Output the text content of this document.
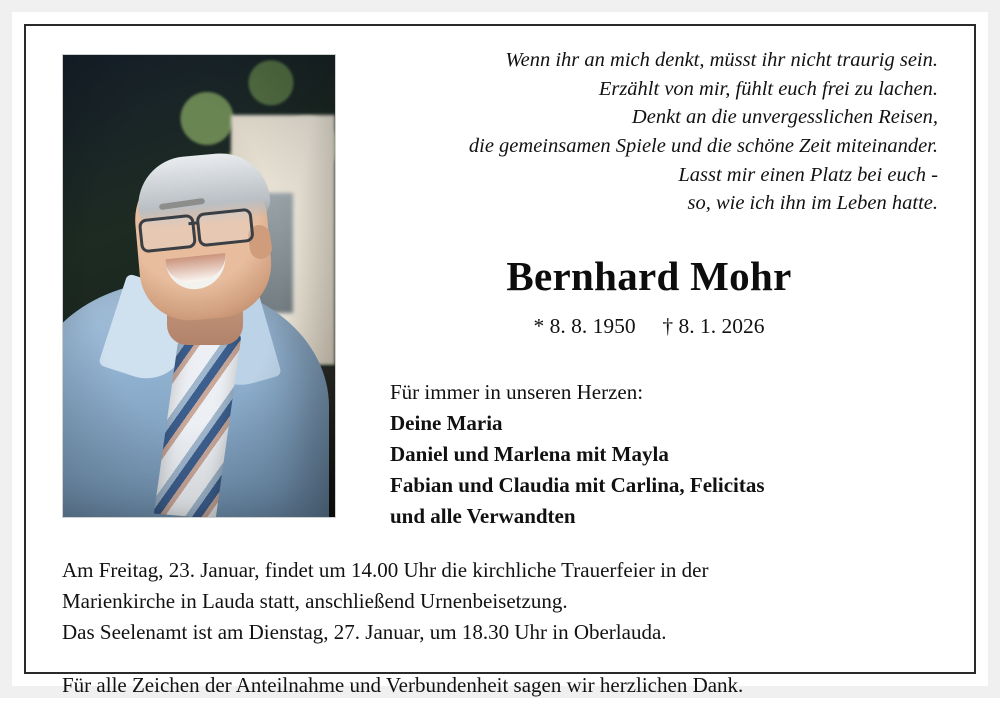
Wenn ihr an mich denkt, müsst ihr nicht traurig sein.

Erzählt von mir, fühlt euch frei zu lachen.

Denkt an die unvergesslichen Reisen,

die gemeinsamen Spiele und die schöne Zeit miteinander.

Lasst mir einen Platz bei euch -

so, wie ich ihn im Leben hatte.

Bernhard Mohr
* 8. 8. 1950 † 8. 1. 2026
Für immer in unseren Herzen:
Deine Maria
Daniel und Marlena mit Mayla
Fabian und Claudia mit Carlina, Felicitas
und alle Verwandten

Am Freitag, 23. Januar, findet um 14.00 Uhr die kirchliche Trauerfeier in der

Marienkirche in Lauda statt, anschließend Urnenbeisetzung.

Das Seelenamt ist am Dienstag, 27. Januar, um 18.30 Uhr in Oberlauda.

Für alle Zeichen der Anteilnahme und Verbundenheit sagen wir herzlichen Dank.
